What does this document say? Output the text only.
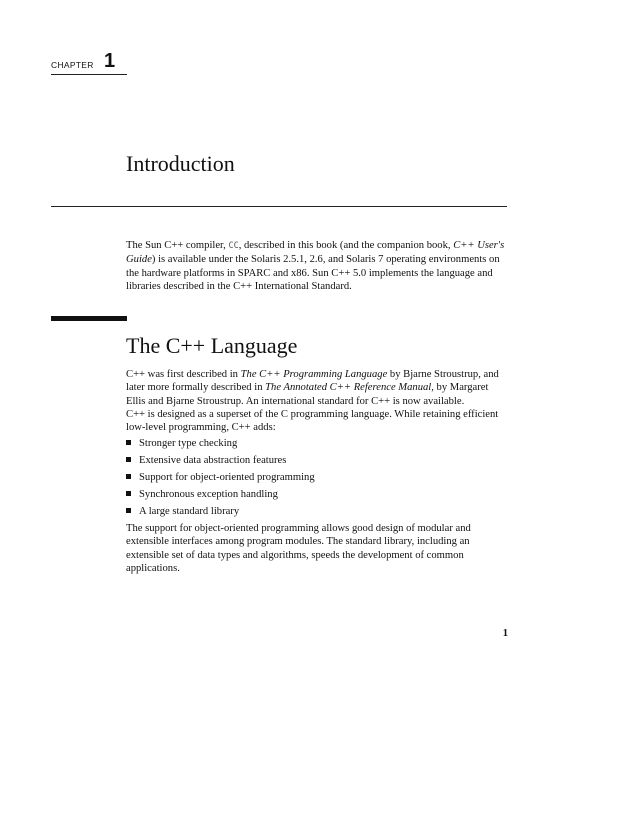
CHAPTER 1
Introduction

The Sun C++ compiler, CC, described in this book (and the companion book, C++ User's Guide) is available under the Solaris 2.5.1, 2.6, and Solaris 7 operating environments on the hardware platforms in SPARC and x86. Sun C++ 5.0 implements the language and libraries described in the C++ International Standard.

The C++ Language

C++ was first described in The C++ Programming Language by Bjarne Stroustrup, and later more formally described in The Annotated C++ Reference Manual, by Margaret Ellis and Bjarne Stroustrup. An international standard for C++ is now available.

C++ is designed as a superset of the C programming language. While retaining efficient low-level programming, C++ adds:

Stronger type checking
Extensive data abstraction features
Support for object-oriented programming
Synchronous exception handling
A large standard library

The support for object-oriented programming allows good design of modular and extensible interfaces among program modules. The standard library, including an extensible set of data types and algorithms, speeds the development of common applications.

1
